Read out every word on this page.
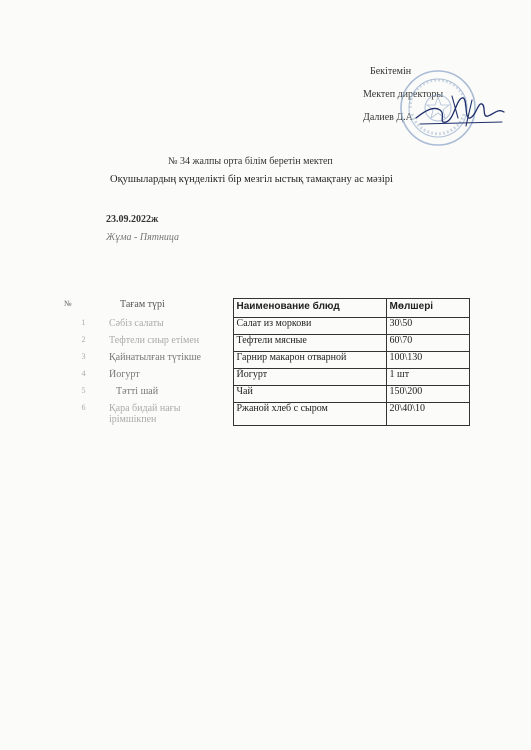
Бекітемін
Мектеп директоры
Далиев Д.А
№ 34 жалпы орта білім беретін мектеп
Оқушылардың күнделікті бір мезгіл ыстық тамақтану ас мәзірі
23.09.2022ж
Жұма - Пятница
№	Тағам түрі	Наименование блюд	Мөлшері
1	Сәбіз салаты	Салат из моркови	30\50
2	Тефтели сиыр етімен	Тефтели мясные	60\70
3	Қайнатылған түтікше	Гарнир макарон отварной	100\130
4	Йогурт	Йогурт	1 шт
5	Тәтті шай	Чай	150\200
6	Қара бидай нағы ірімшікпен	Ржаной хлеб с сыром	20\40\10
